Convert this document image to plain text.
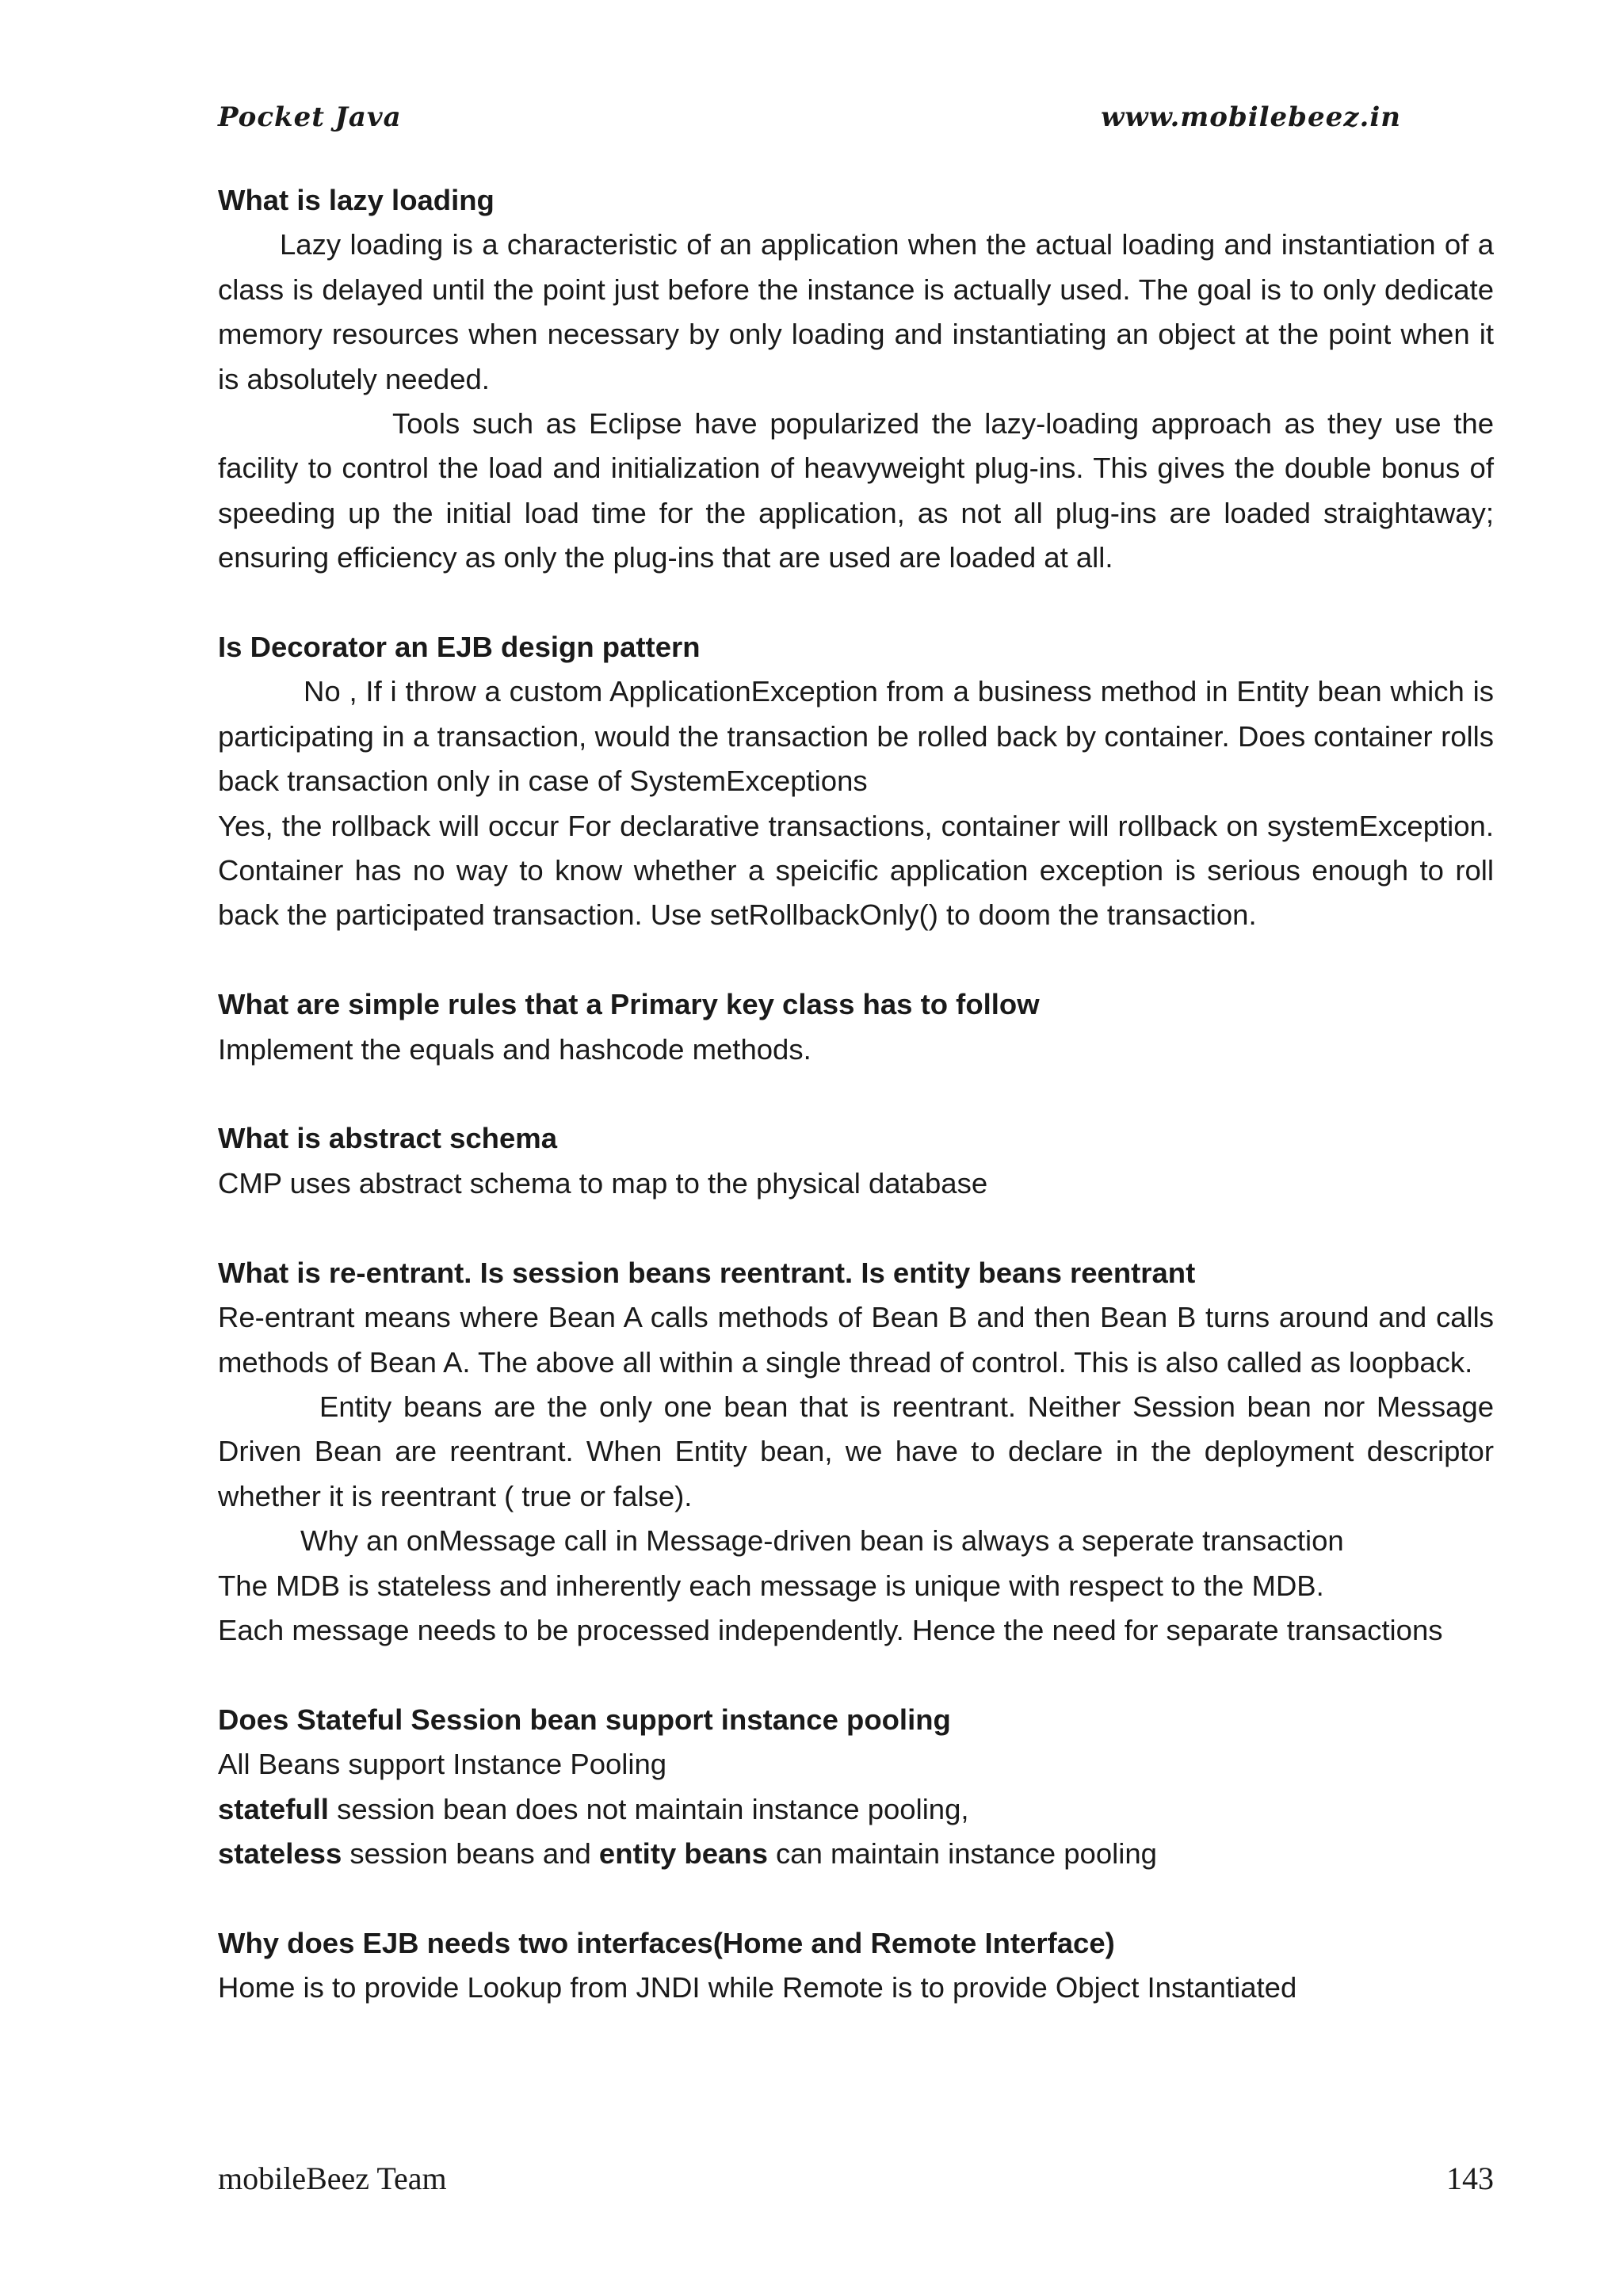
Pocket Java	www.mobilebeez.in

What is lazy loading

Lazy loading is a characteristic of an application when the actual loading and instantiation of a class is delayed until the point just before the instance is actually used. The goal is to only dedicate memory resources when necessary by only loading and instantiating an object at the point when it is absolutely needed.

Tools such as Eclipse have popularized the lazy-loading approach as they use the facility to control the load and initialization of heavyweight plug-ins. This gives the double bonus of speeding up the initial load time for the application, as not all plug-ins are loaded straightaway; ensuring efficiency as only the plug-ins that are used are loaded at all.

Is Decorator an EJB design pattern

No , If i throw a custom ApplicationException from a business method in Entity bean which is participating in a transaction, would the transaction be rolled back by container. Does container rolls back transaction only in case of SystemExceptions

Yes, the rollback will occur For declarative transactions, container will rollback on systemException. Container has no way to know whether a speicific application exception is serious enough to roll back the participated transaction. Use setRollbackOnly() to doom the transaction.

What are simple rules that a Primary key class has to follow

Implement the equals and hashcode methods.

What is abstract schema

CMP uses abstract schema to map to the physical database

What is re-entrant. Is session beans reentrant. Is entity beans reentrant

Re-entrant means where Bean A calls methods of Bean B and then Bean B turns around and calls methods of Bean A. The above all within a single thread of control. This is also called as loopback.

Entity beans are the only one bean that is reentrant. Neither Session bean nor Message Driven Bean are reentrant. When Entity bean, we have to declare in the deployment descriptor whether it is reentrant ( true or false).

Why an onMessage call in Message-driven bean is always a seperate transaction

The MDB is stateless and inherently each message is unique with respect to the MDB.

Each message needs to be processed independently. Hence the need for separate transactions

Does Stateful Session bean support instance pooling

All Beans support Instance Pooling

statefull session bean does not maintain instance pooling,

stateless session beans and entity beans can maintain instance pooling

Why does EJB needs two interfaces(Home and Remote Interface)

Home is to provide Lookup from JNDI while Remote is to provide Object Instantiated

mobileBeez Team	143
